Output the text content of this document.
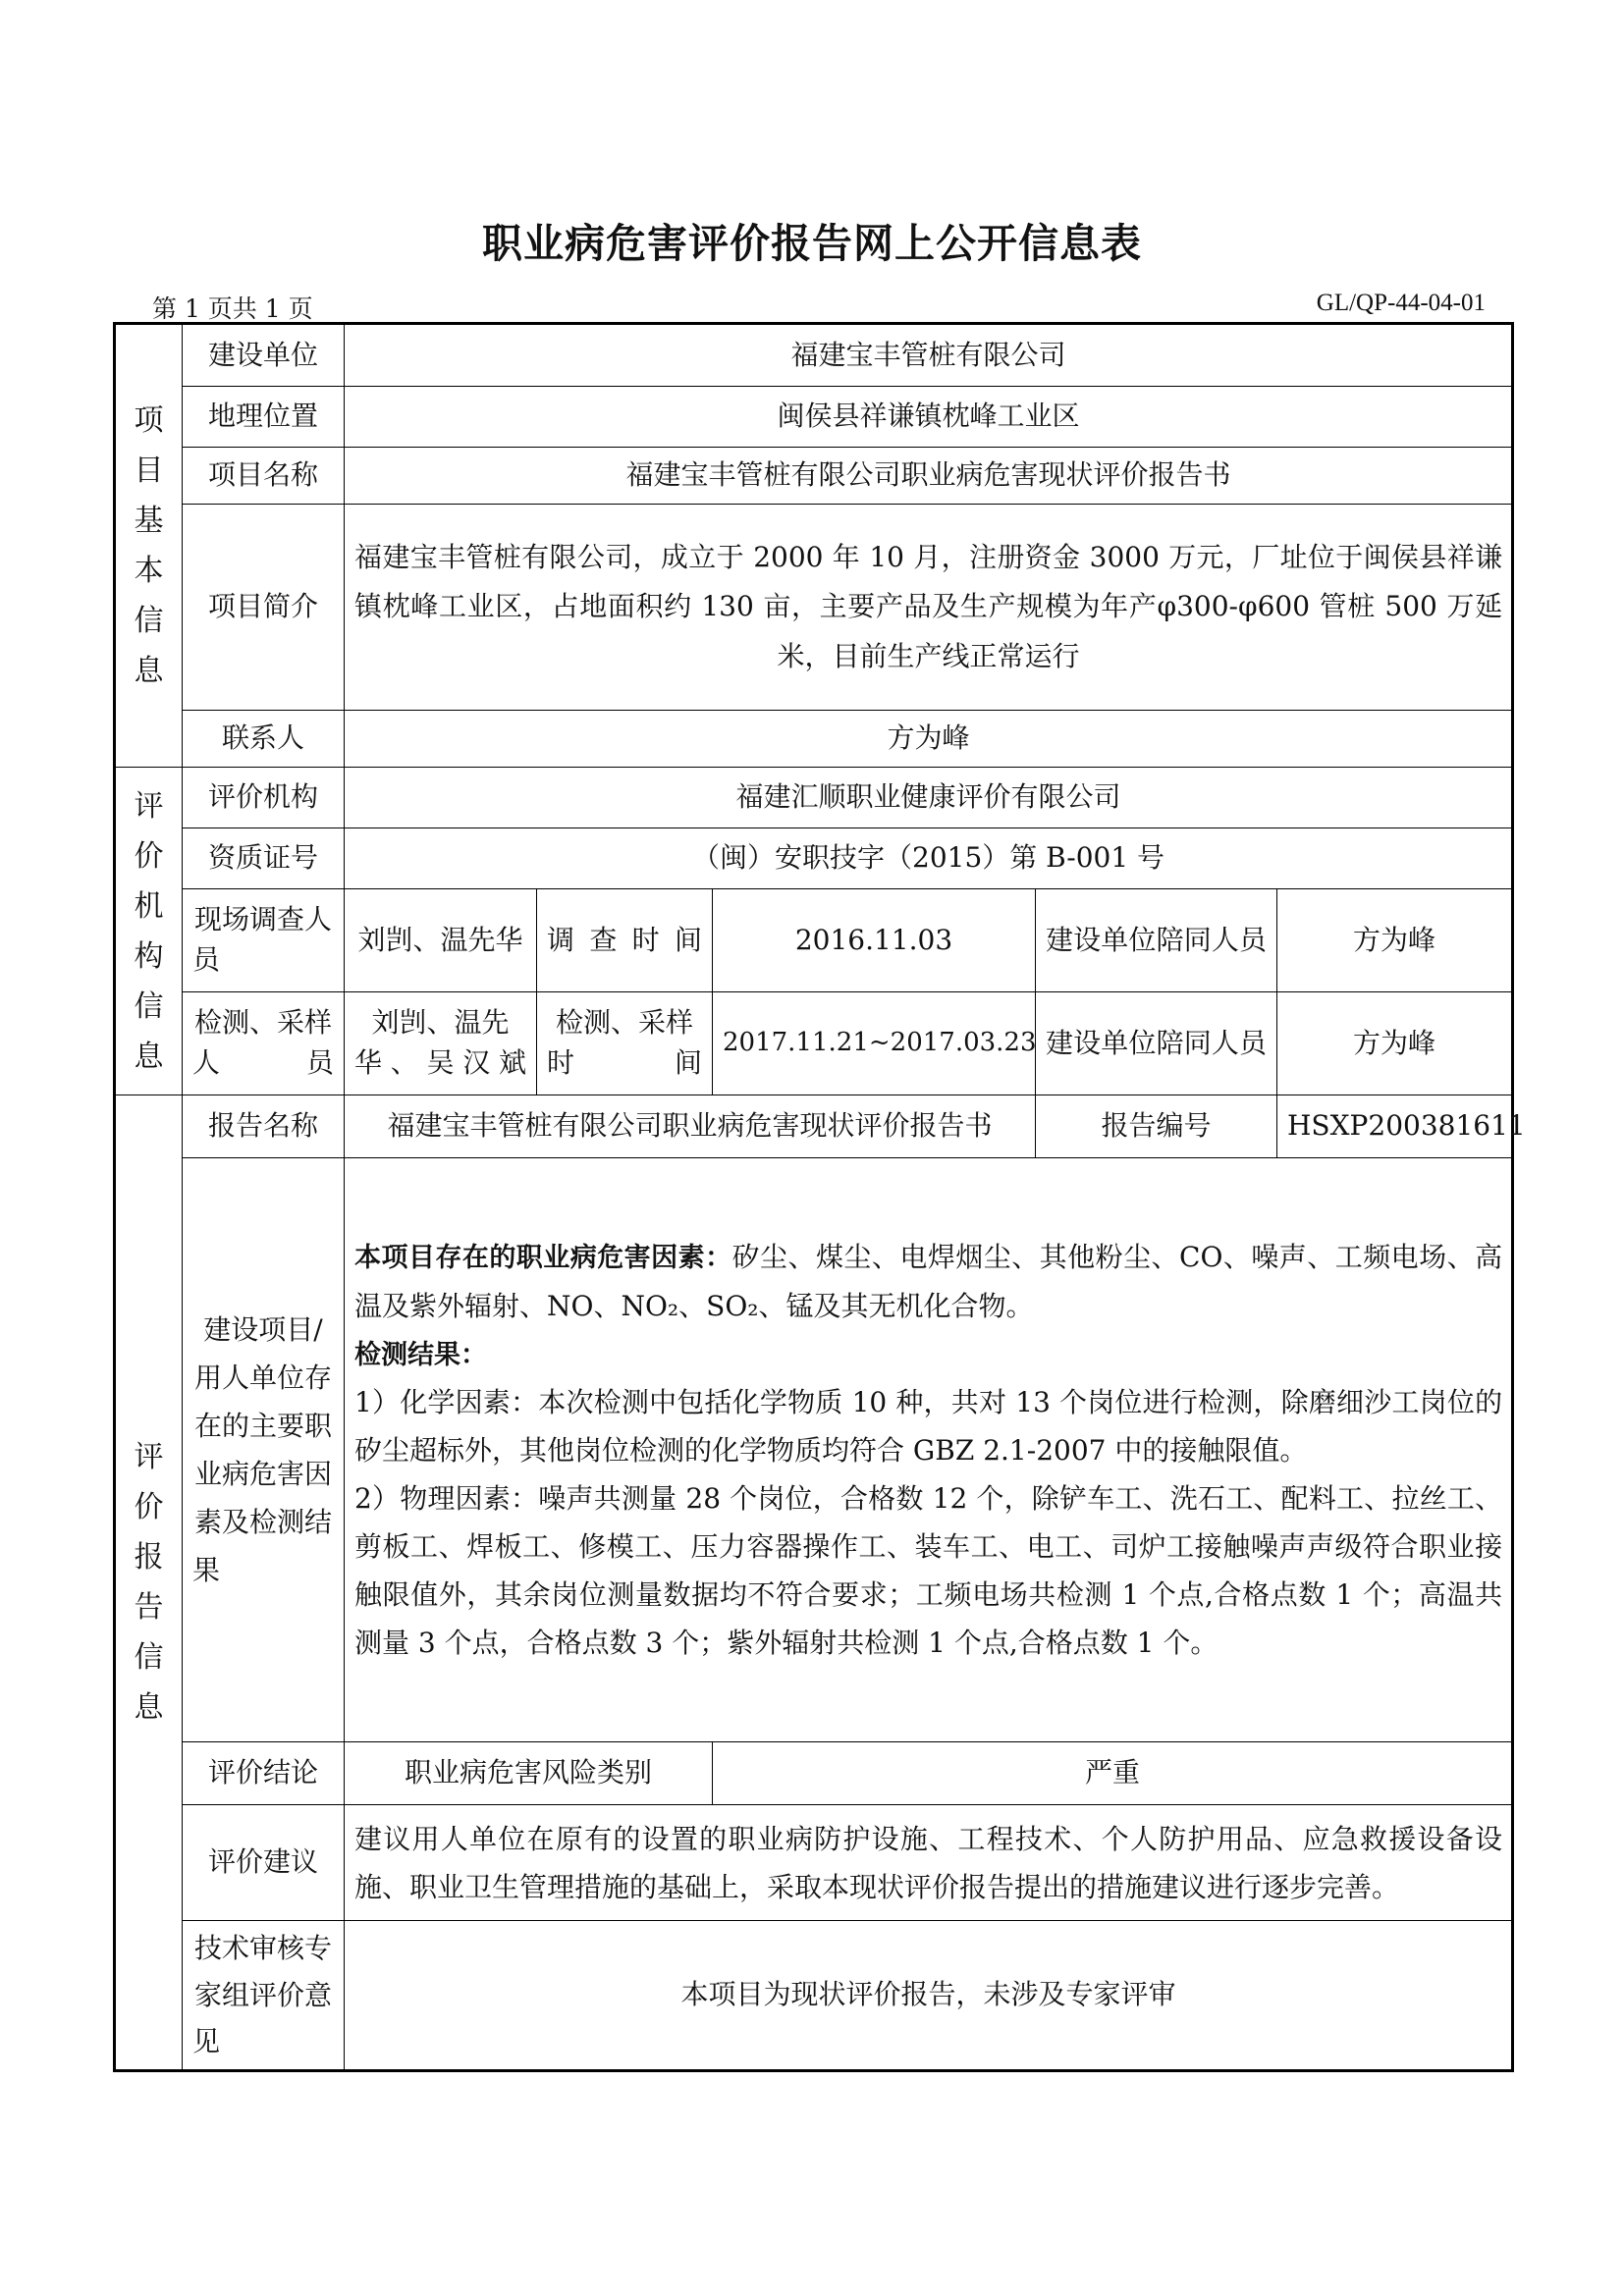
职业病危害评价报告网上公开信息表
第 1 页共 1 页	GL/QP-44-04-01
项目基本信息	建设单位	福建宝丰管桩有限公司				
	地理位置	闽侯县祥谦镇枕峰工业区				
	项目名称	福建宝丰管桩有限公司职业病危害现状评价报告书				
	项目简介	福建宝丰管桩有限公司，成立于 2000 年 10 月，注册资金 3000 万元，厂址位于闽侯县祥谦镇枕峰工业区，占地面积约 130 亩，主要产品及生产规模为年产φ300-φ600 管桩 500 万延米，目前生产线正常运行				
	联系人	方为峰				
评价机构信息	评价机构	福建汇顺职业健康评价有限公司				
	资质证号	（闽）安职技字（2015）第 B-001 号				
	现场调查人员	刘剀、温先华	调查时间	2016.11.03	建设单位陪同人员	方为峰
	检测、采样人员	刘剀、温先华、吴汉斌	检测、采样时间	2017.11.21~2017.03.23	建设单位陪同人员	方为峰
评价报告信息	报告名称	福建宝丰管桩有限公司职业病危害现状评价报告书			报告编号	HSXP200381611
	建设项目/用人单位存在的主要职业病危害因素及检测结果	本项目存在的职业病危害因素：矽尘、煤尘、电焊烟尘、其他粉尘、CO、噪声、工频电场、高温及紫外辐射、NO、NO₂、SO₂、锰及其无机化合物。

检测结果：

1）化学因素：本次检测中包括化学物质 10 种，共对 13 个岗位进行检测，除磨细沙工岗位的矽尘超标外，其他岗位检测的化学物质均符合 GBZ 2.1-2007 中的接触限值。

2）物理因素：噪声共测量 28 个岗位，合格数 12 个，除铲车工、洗石工、配料工、拉丝工、剪板工、焊板工、修模工、压力容器操作工、装车工、电工、司炉工接触噪声声级符合职业接触限值外，其余岗位测量数据均不符合要求；工频电场共检测 1 个点,合格点数 1 个；高温共测量 3 个点，合格点数 3 个；紫外辐射共检测 1 个点,合格点数 1 个。				

	评价结论	职业病危害风险类别		严重		
	评价建议	建议用人单位在原有的设置的职业病防护设施、工程技术、个人防护用品、应急救援设备设施、职业卫生管理措施的基础上，采取本现状评价报告提出的措施建议进行逐步完善。				
	技术审核专家组评价意见	本项目为现状评价报告，未涉及专家评审				
